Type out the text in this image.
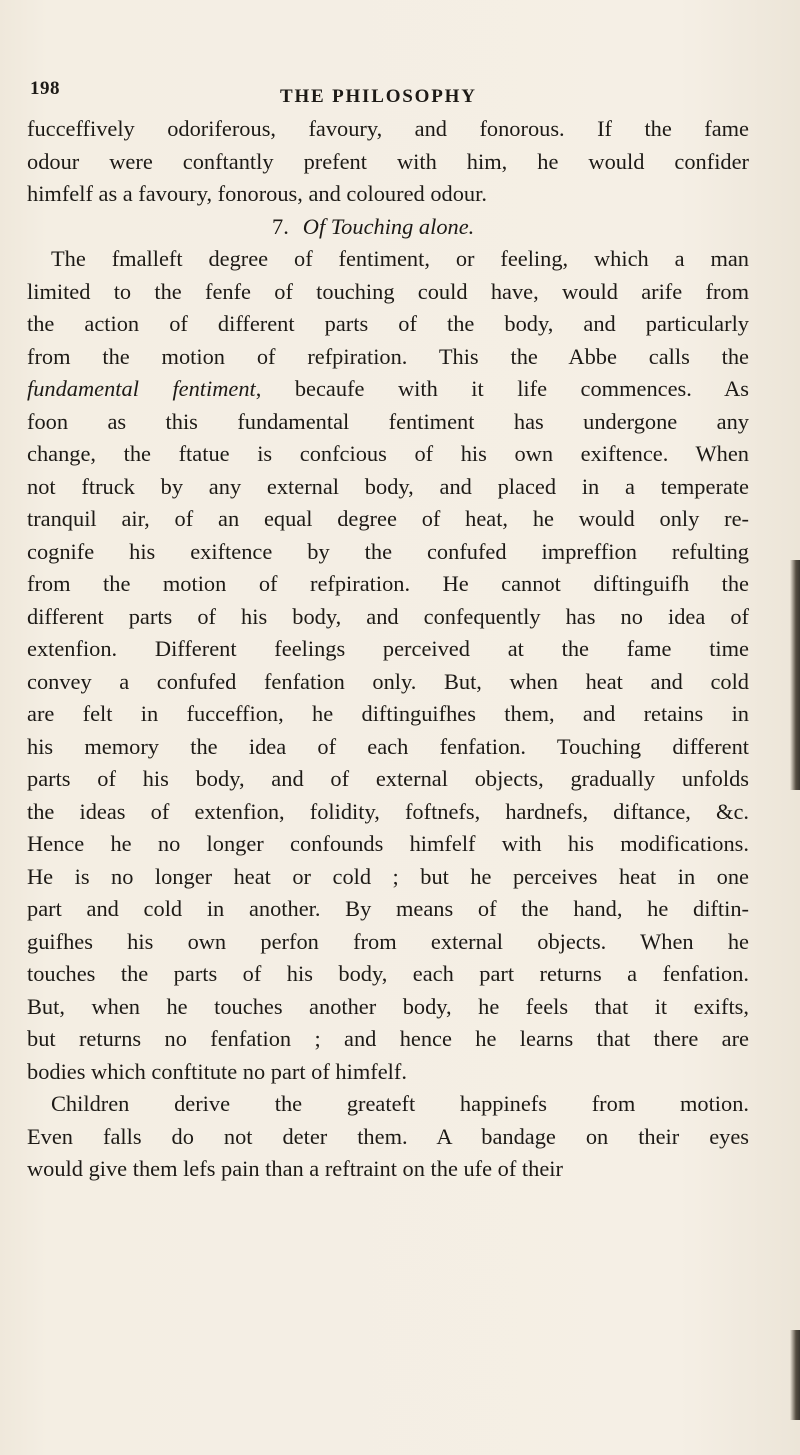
198	THE PHILOSOPHY
fucceffively odoriferous, favoury, and fonorous. If the fame
odour were conftantly prefent with him, he would confider
himfelf as a favoury, fonorous, and coloured odour.
7. Of Touching alone.
The fmalleft degree of fentiment, or feeling, which a man
limited to the fenfe of touching could have, would arife from
the action of different parts of the body, and particularly
from the motion of refpiration. This the Abbe calls the
fundamental fentiment, becaufe with it life commences. As
foon as this fundamental fentiment has undergone any
change, the ftatue is confcious of his own exiftence. When
not ftruck by any external body, and placed in a temperate
tranquil air, of an equal degree of heat, he would only re-
cognife his exiftence by the confufed impreffion refulting
from the motion of refpiration. He cannot diftinguifh the
different parts of his body, and confequently has no idea of
extenfion. Different feelings perceived at the fame time
convey a confufed fenfation only. But, when heat and cold
are felt in fucceffion, he diftinguifhes them, and retains in
his memory the idea of each fenfation. Touching different
parts of his body, and of external objects, gradually unfolds
the ideas of extenfion, folidity, foftnefs, hardnefs, diftance, &c.
Hence he no longer confounds himfelf with his modifications.
He is no longer heat or cold ; but he perceives heat in one
part and cold in another. By means of the hand, he diftin-
guifhes his own perfon from external objects. When he
touches the parts of his body, each part returns a fenfation.
But, when he touches another body, he feels that it exifts,
but returns no fenfation ; and hence he learns that there are
bodies which conftitute no part of himfelf.
Children derive the greateft happinefs from motion.
Even falls do not deter them. A bandage on their eyes
would give them lefs pain than a reftraint on the ufe of their
